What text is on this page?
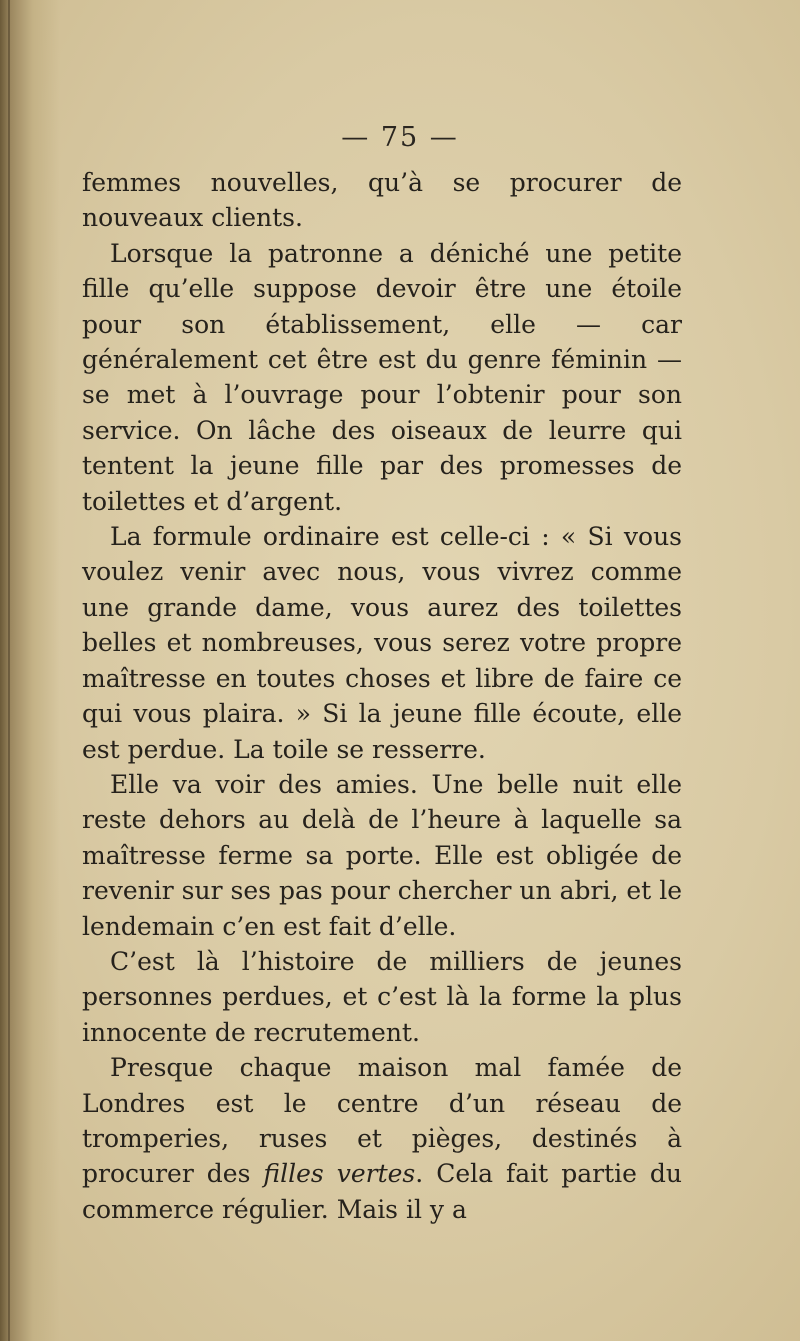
— 75 —

femmes nouvelles, qu’à se procurer de nouveaux clients.

Lorsque la patronne a déniché une petite fille qu’elle suppose devoir être une étoile pour son établissement, elle — car généralement cet être est du genre féminin — se met à l’ouvrage pour l’obtenir pour son service. On lâche des oiseaux de leurre qui tentent la jeune fille par des promesses de toilettes et d’argent.

La formule ordinaire est celle-ci : « Si vous voulez venir avec nous, vous vivrez comme une grande dame, vous aurez des toilettes belles et nombreuses, vous serez votre propre maîtresse en toutes choses et libre de faire ce qui vous plaira. » Si la jeune fille écoute, elle est perdue. La toile se resserre.

Elle va voir des amies. Une belle nuit elle reste dehors au delà de l’heure à laquelle sa maîtresse ferme sa porte. Elle est obligée de revenir sur ses pas pour chercher un abri, et le lendemain c’en est fait d’elle.

C’est là l’histoire de milliers de jeunes personnes perdues, et c’est là la forme la plus innocente de recrutement.

Presque chaque maison mal famée de Londres est le centre d’un réseau de tromperies, ruses et pièges, destinés à procurer des filles vertes. Cela fait partie du commerce régulier. Mais il y a
